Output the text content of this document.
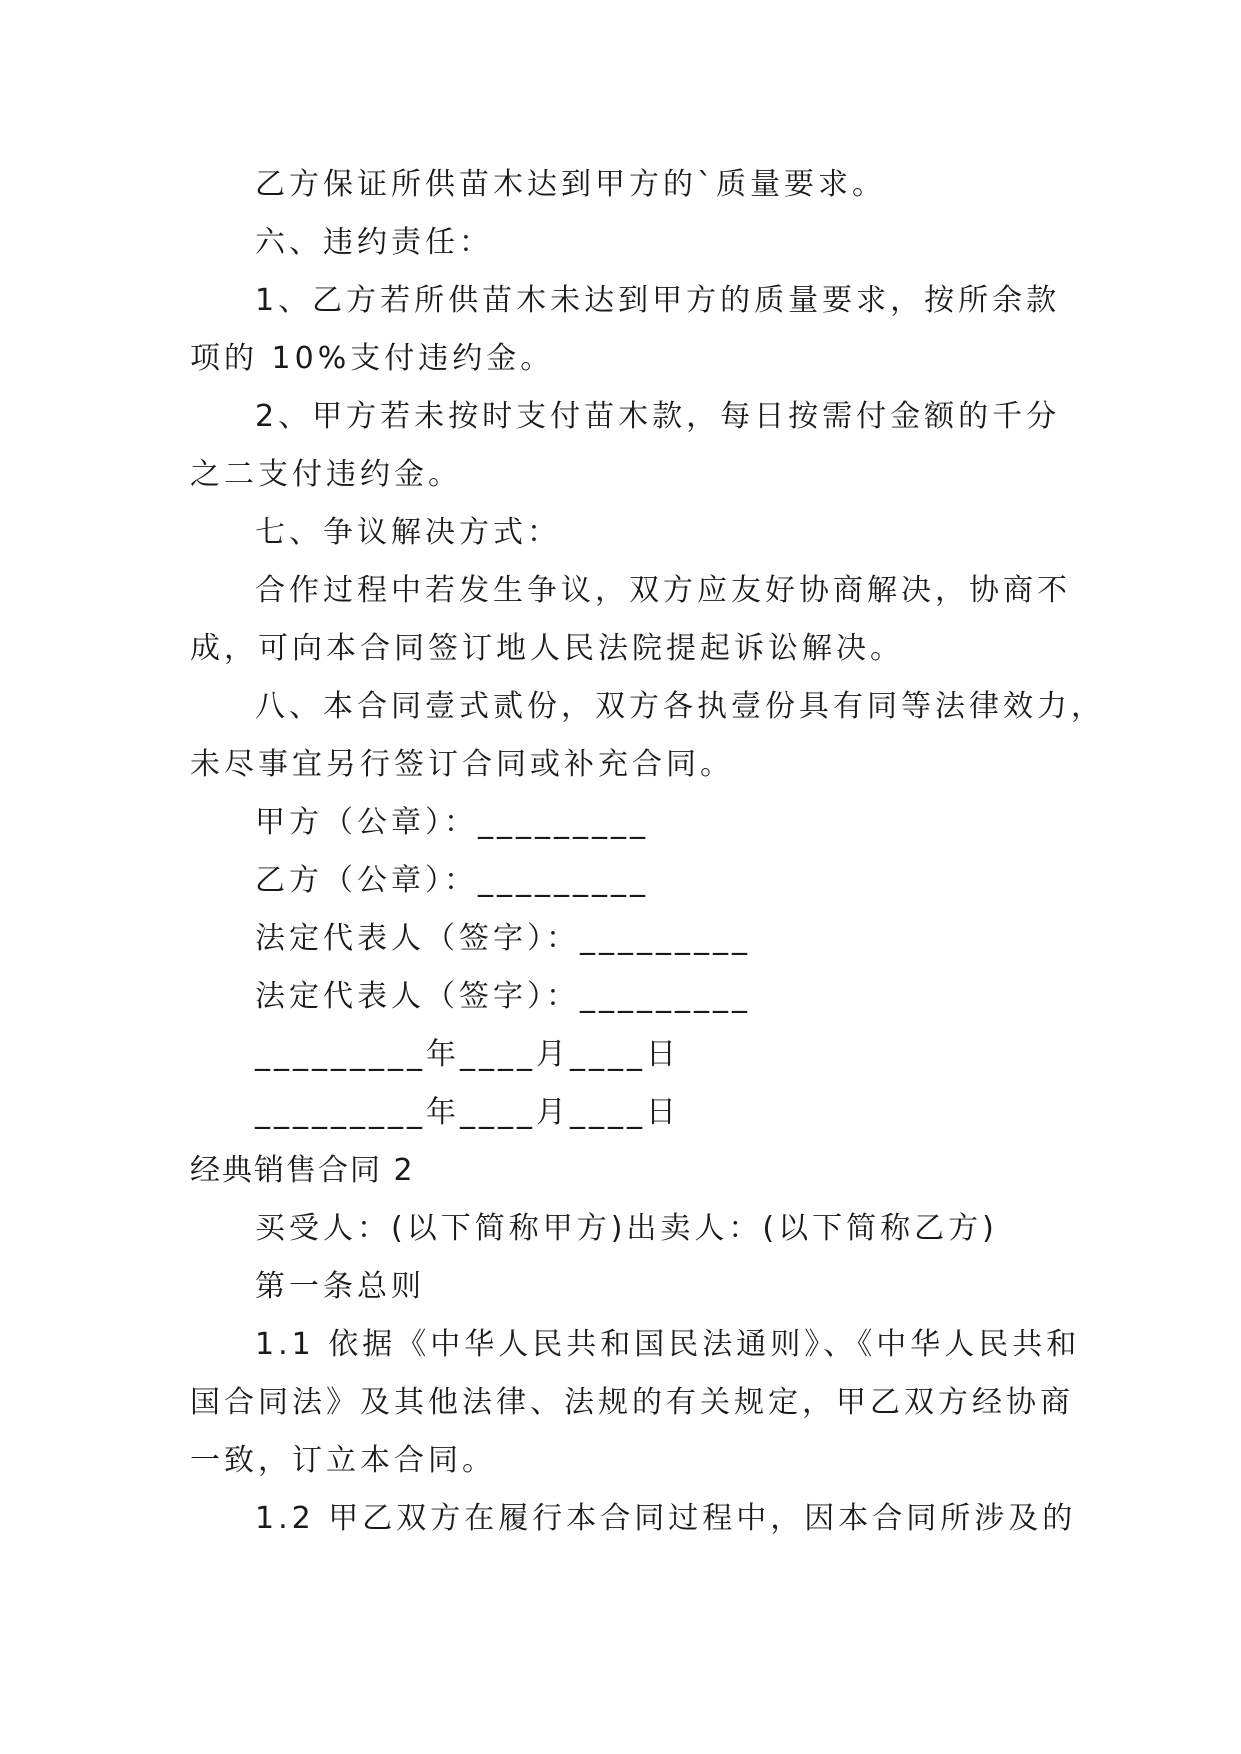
乙方保证所供苗木达到甲方的`质量要求。
六、违约责任：
1、乙方若所供苗木未达到甲方的质量要求，按所余款
项的 10%支付违约金。
2、甲方若未按时支付苗木款，每日按需付金额的千分
之二支付违约金。
七、争议解决方式：
合作过程中若发生争议，双方应友好协商解决，协商不
成，可向本合同签订地人民法院提起诉讼解决。
八、本合同壹式贰份，双方各执壹份具有同等法律效力，
未尽事宜另行签订合同或补充合同。
甲方（公章）：_________
乙方（公章）：_________
法定代表人（签字）：_________
法定代表人（签字）：_________
_________年____月____日
_________年____月____日
经典销售合同 2
买受人：(以下简称甲方)出卖人：(以下简称乙方)
第一条总则
1.1 依据《中华人民共和国民法通则》、《中华人民共和
国合同法》及其他法律、法规的有关规定，甲乙双方经协商
一致，订立本合同。
1.2 甲乙双方在履行本合同过程中，因本合同所涉及的
